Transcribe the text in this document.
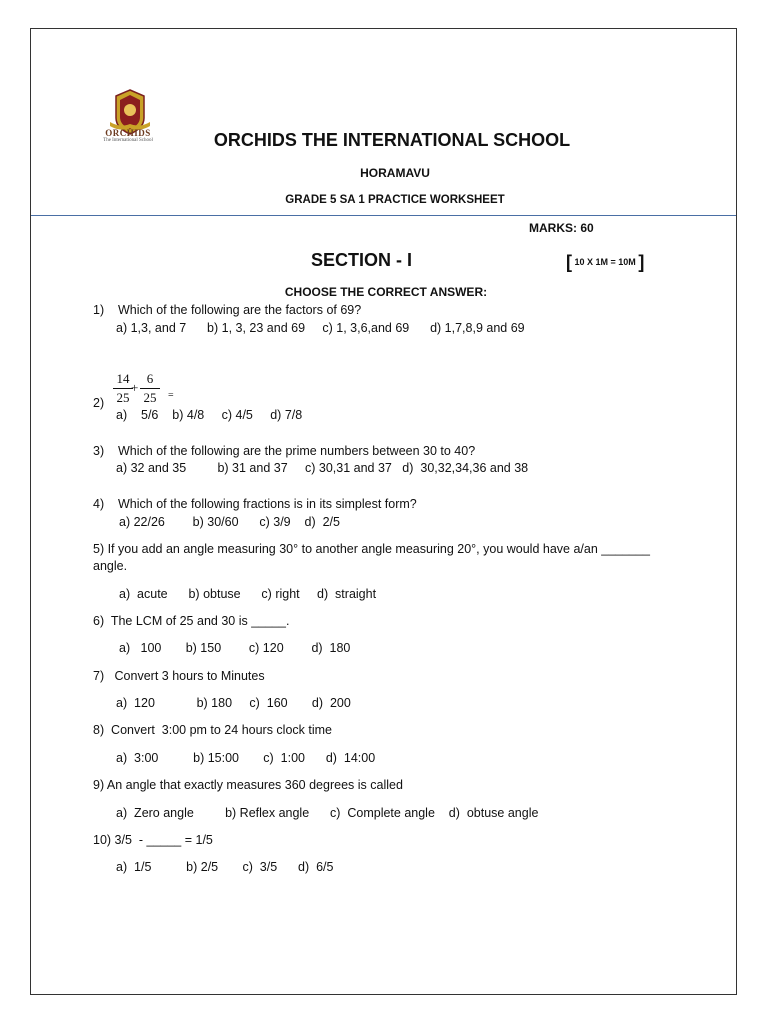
ORCHIDS
The International School	ORCHIDS THE INTERNATIONAL SCHOOL
HORAMAVU
GRADE 5 SA 1 PRACTICE WORKSHEET
MARKS: 60
SECTION - I	[ 10 X 1M = 10M ]
CHOOSE THE CORRECT ANSWER:
1)    Which of the following are the factors of 69?
a) 1,3, and 7      b) 1, 3, 23 and 69     c) 1, 3,6,and 69      d) 1,7,8,9 and 69
14
25
+
6
25	=
2)
a)    5/6    b) 4/8     c) 4/5     d) 7/8
3)    Which of the following are the prime numbers between 30 to 40?
a) 32 and 35         b) 31 and 37     c) 30,31 and 37   d)  30,32,34,36 and 38
4)    Which of the following fractions is in its simplest form?
a) 22/26        b) 30/60      c) 3/9    d)  2/5
5) If you add an angle measuring 30° to another angle measuring 20°, you would have a/an _______
angle.
a)  acute      b) obtuse      c) right     d)  straight
6)  The LCM of 25 and 30 is _____.
a)   100       b) 150        c) 120        d)  180
7)   Convert 3 hours to Minutes
a)  120            b) 180     c)  160       d)  200
8)  Convert  3:00 pm to 24 hours clock time
a)  3:00          b) 15:00       c)  1:00      d)  14:00
9) An angle that exactly measures 360 degrees is called
a)  Zero angle         b) Reflex angle      c)  Complete angle    d)  obtuse angle
10) 3/5  - _____ = 1/5
a)  1/5          b) 2/5       c)  3/5      d)  6/5
